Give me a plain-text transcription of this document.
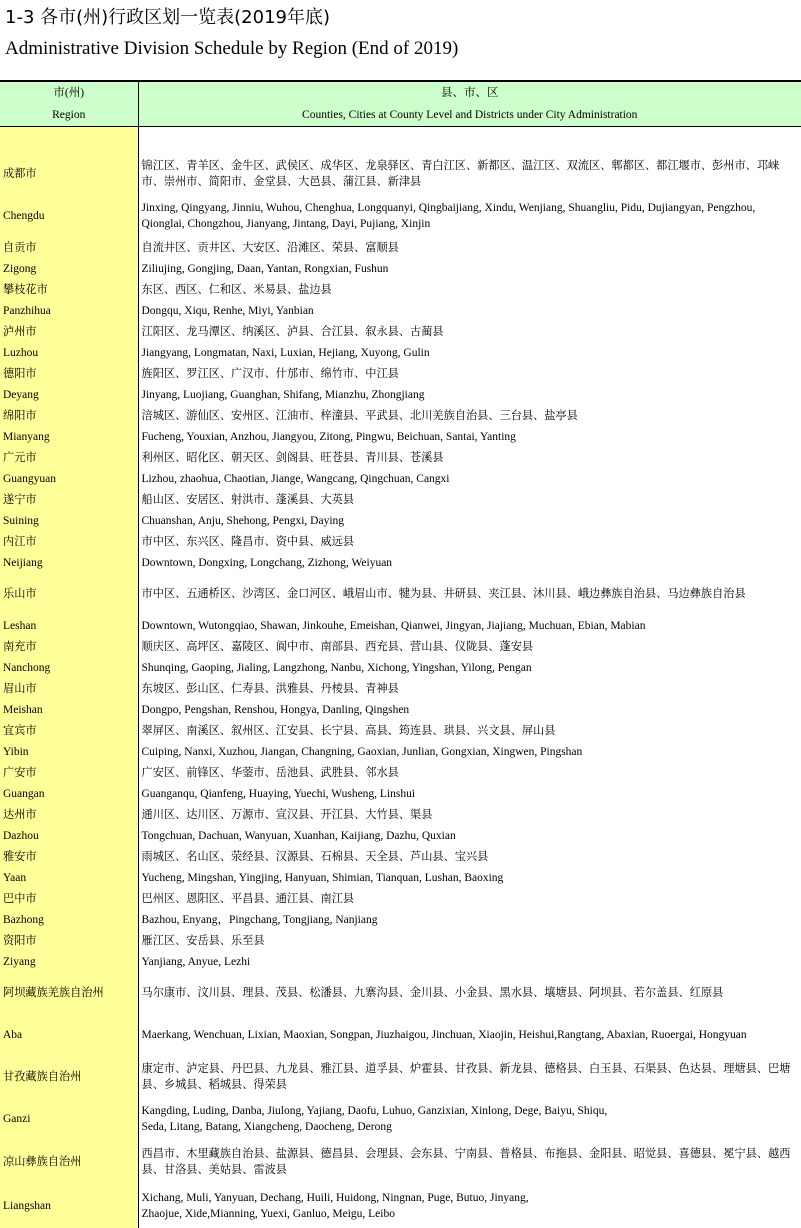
1-3 各市(州)行政区划一览表(2019年底)
Administrative Division Schedule by Region (End of 2019)
市(州)	县、市、区
Region	Counties, Cities at County Level and Districts under City Administration

成都市	锦江区、青羊区、金牛区、武侯区、成华区、龙泉驿区、青白江区、新都区、温江区、双流区、郫都区、都江堰市、彭州市、邛崃市、崇州市、简阳市、金堂县、大邑县、蒲江县、新津县
Chengdu	Jinxing, Qingyang, Jinniu, Wuhou, Chenghua, Longquanyi, Qingbaijiang, Xindu, Wenjiang, Shuangliu, Pidu, Dujiangyan, Pengzhou, Qionglai, Chongzhou, Jianyang, Jintang, Dayi, Pujiang, Xinjin
自贡市	自流井区、贡井区、大安区、沿滩区、荣县、富顺县
Zigong	Ziliujing, Gongjing, Daan, Yantan, Rongxian, Fushun
攀枝花市	东区、西区、仁和区、米易县、盐边县
Panzhihua	Dongqu, Xiqu, Renhe, Miyi, Yanbian
泸州市	江阳区、龙马潭区、纳溪区、泸县、合江县、叙永县、古蔺县
Luzhou	Jiangyang, Longmatan, Naxi, Luxian, Hejiang, Xuyong, Gulin
德阳市	旌阳区、罗江区、广汉市、什邡市、绵竹市、中江县
Deyang	Jinyang, Luojiang, Guanghan, Shifang, Mianzhu, Zhongjiang
绵阳市	涪城区、游仙区、安州区、江油市、梓潼县、平武县、北川羌族自治县、三台县、盐亭县
Mianyang	Fucheng, Youxian, Anzhou, Jiangyou, Zitong, Pingwu, Beichuan, Santai, Yanting
广元市	利州区、昭化区、朝天区、剑阁县、旺苍县、青川县、苍溪县
Guangyuan	Lizhou, zhaohua, Chaotian, Jiange, Wangcang, Qingchuan, Cangxi
遂宁市	船山区、安居区、射洪市、蓬溪县、大英县
Suining	Chuanshan, Anju, Shehong, Pengxi, Daying
内江市	市中区、东兴区、隆昌市、资中县、威远县
Neijiang	Downtown, Dongxing, Longchang, Zizhong, Weiyuan
乐山市	市中区、五通桥区、沙湾区、金口河区、峨眉山市、犍为县、井研县、夹江县、沐川县、峨边彝族自治县、马边彝族自治县
Leshan	Downtown, Wutongqiao, Shawan, Jinkouhe, Emeishan, Qianwei, Jingyan, Jiajiang, Muchuan, Ebian, Mabian
南充市	顺庆区、高坪区、嘉陵区、阆中市、南部县、西充县、营山县、仪陇县、蓬安县
Nanchong	Shunqing, Gaoping, Jialing, Langzhong, Nanbu, Xichong, Yingshan, Yilong, Pengan
眉山市	东坡区、彭山区、仁寿县、洪雅县、丹棱县、青神县
Meishan	Dongpo, Pengshan, Renshou, Hongya, Danling, Qingshen
宜宾市	翠屏区、南溪区、叙州区、江安县、长宁县、高县、筠连县、珙县、兴文县、屏山县
Yibin	Cuiping, Nanxi, Xuzhou, Jiangan, Changning, Gaoxian, Junlian, Gongxian, Xingwen, Pingshan
广安市	广安区、前锋区、华蓥市、岳池县、武胜县、邻水县
Guangan	Guanganqu, Qianfeng, Huaying, Yuechi, Wusheng, Linshui
达州市	通川区、达川区、万源市、宣汉县、开江县、大竹县、渠县
Dazhou	Tongchuan, Dachuan, Wanyuan, Xuanhan, Kaijiang, Dazhu, Quxian
雅安市	雨城区、名山区、荥经县、汉源县、石棉县、天全县、芦山县、宝兴县
Yaan	Yucheng, Mingshan, Yingjing, Hanyuan, Shimian, Tianquan, Lushan, Baoxing
巴中市	巴州区、恩阳区、平昌县、通江县、南江县
Bazhong	Bazhou, Enyang，Pingchang, Tongjiang, Nanjiang
资阳市	雁江区、安岳县、乐至县
Ziyang	Yanjiang, Anyue, Lezhi
阿坝藏族羌族自治州	马尔康市、汶川县、理县、茂县、松潘县、九寨沟县、金川县、小金县、黑水县、壤塘县、阿坝县、若尔盖县、红原县
Aba	Maerkang, Wenchuan, Lixian, Maoxian, Songpan, Jiuzhaigou, Jinchuan, Xiaojin, Heishui,Rangtang, Abaxian, Ruoergai, Hongyuan
甘孜藏族自治州	康定市、泸定县、丹巴县、九龙县、雅江县、道孚县、炉霍县、甘孜县、新龙县、德格县、白玉县、石渠县、色达县、理塘县、巴塘县、乡城县、稻城县、得荣县
Ganzi	Kangding, Luding, Danba, Jiulong, Yajiang, Daofu, Luhuo, Ganzixian, Xinlong, Dege, Baiyu, Shiqu,
Seda, Litang, Batang, Xiangcheng, Daocheng, Derong
凉山彝族自治州	西昌市、木里藏族自治县、盐源县、德昌县、会理县、会东县、宁南县、普格县、布拖县、金阳县、昭觉县、喜德县、冕宁县、越西县、甘洛县、美姑县、雷波县
Liangshan	Xichang, Muli, Yanyuan, Dechang, Huili, Huidong, Ningnan, Puge, Butuo, Jinyang,
Zhaojue, Xide,Mianning, Yuexi, Ganluo, Meigu, Leibo
